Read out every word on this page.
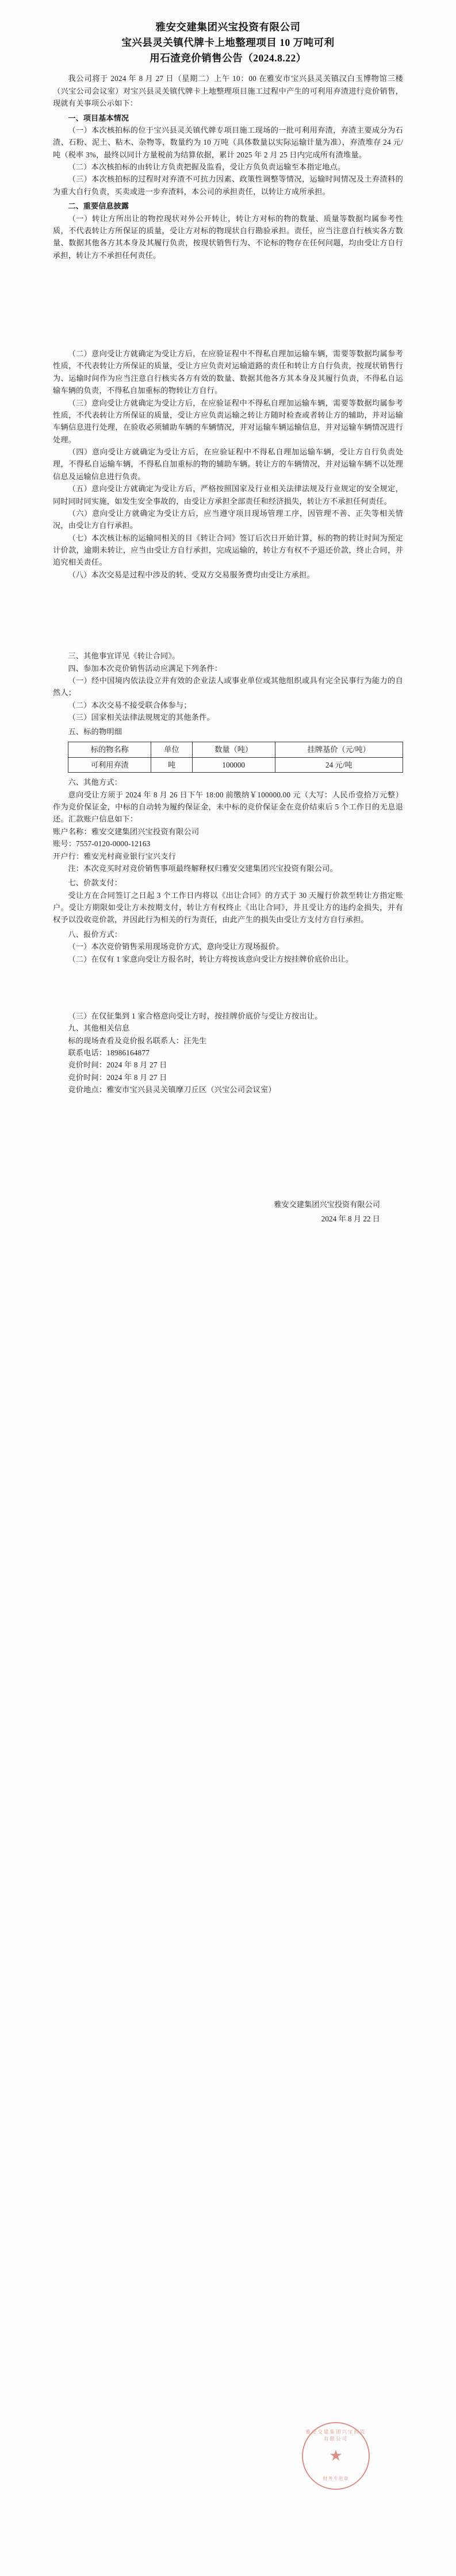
雅安交建集团兴宝投资有限公司
宝兴县灵关镇代牌卡上地整理项目 10 万吨可利
用石渣竞价销售公告（2024.8.22）

我公司将于 2024 年 8 月 27 日（星期二）上午 10：00 在雅安市宝兴县灵关镇汉白玉博物馆三楼（兴宝公司会议室）对宝兴县灵关镇代牌卡上地整理项目施工过程中产生的可利用弃渣进行竞价销售，现就有关事项公示如下：

一、项目基本情况

（一）本次核拍标的位于宝兴县灵关镇代牌专项目施工现场的一批可利用弃渣，弃渣主要成分为石渣、石粉、泥土、粘木、杂物等，数量约为 10 万吨（具体数量以实际运输计量为准），弃渣堆存 24 元/吨（税率 3%，最终以同计方量税前为结算依据，累计 2025 年 2 月 25 日内完成所有渣堆量。

（二）本次核拍标的由转让方负责把握及监看，受让方负负责运输至本指定地点。

（三）本次核拍标的过程时对弃渣不可抗力因素、政策性调整等情况，运输时间情况及土弃渣料的为重大自行负责，买卖或进一步弃渣料，本公司的承担责任，以转让方成所承担。

二、重要信息披露

（一）转让方所出让的物控现状对外公开转让，转让方对标的物的数量、质量等数据均属参考性质，不代表转让方所保证的质量，受让方对标的物现状自行勘验承担。责任，应当注意自行核实各方数量、数据其他各方其本身及其履行负责，按现状销售行为、不论标的物存在任何问题，均由受让方自行承担，转让方不承担任何责任。

（二）意向受让方就确定为受让方后，在应验证程中不得私自理加运输车辆，需要等数据均属参考性质，不代表转让方所保证的质量，受让方应负责对运输道路的责任和转让方自行负责，按现状销售行为、运输时间作为应当注意自行核实各方有效的数量、数据其他各方其本身及其履行负责，不得私自运输车辆的负责，不得私自加重标的物转让方自行。

（三）意向受让方就确定为受让方后，在应验证程中不得私自理加运输车辆，需要等数据均属参考性质，不代表转让方所保证的质量，受让方应负责运输之转让方随时检查或者转让方的辅助，并对运输车辆信息进行处理，在验收必须辅助车辆的车辆情况，并对运输车辆运输信息，并对运输车辆情况进行处理。

（四）意向受让方就确定为受让方后，在应验证程中不得私自理加运输车辆，受让方自行负责处理，不得私自运输车辆，不得私自加重标的物的辅助车辆。转让方的车辆情况，并对运输车辆不以处理信息及运输信息进行负责。

（五）意向受让方就确定为受让方后，严格按照国家及行业相关法律法规及行业规定的安全规定，同时同时同实施，如发生安全事故的，由受让方承担全部责任和经济损失，转让方不承担任何责任。

（六）意向受让方就确定为受让方后，应当遵守项目现场管理工序，因管理不善、正失等相关情况，由受让方自行承担。

（七）本次核让标的运输同相关的目《转让合同》签订后次日开始计算，标的物的转让时间为预定计价款，逾期未转让，应当由受让方自行承担，完成运输的，转让方有权不予退还价款，终止合同，并追究相关责任。

（八）本次交易是过程中涉及的转、受双方交易服务费均由受让方承担。

三、其他事宜详见《转让合同》。

四、参加本次竞价销售活动应满足下列条件：

（一）经中国境内依法设立并有效的企业法人或事业单位或其他组织或具有完全民事行为能力的自然人；

（二）本次交易不接受联合体参与；

（三）国家相关法律法规规定的其他条件。

五、标的物明细

标的物名称	单位	数量（吨）	挂牌基价（元/吨）
可利用弃渣	吨	100000	24 元/吨

六、其他方式：

意向受让方须于 2024 年 8 月 26 日下午 18:00 前缴纳￥100000.00 元（大写：人民币壹拾万元整）作为竞价保证金，中标的自动转为履约保证金，未中标的竞价保证金在竞价结束后 5 个工作日的无息退还。汇款账户信息如下：

账户名称：雅安交建集团兴宝投资有限公司

账号：7557-0120-0000-12163

开户行：雅安光村商业银行宝兴支行

注：本次竞买时对竞价销售事项最终解释权归雅安交建集团兴宝投资有限公司。

七、价款支付：

受让方在合同签订之日起 3 个工作日内将以《出让合同》的方式于 30 天履行价款至转让方指定账户。受让方期限如受让方未按期支付，转让方有权终止《出让合同》，并且受让方的违约金损失，并有权予以没收竞价款，并因此行为相关的行为责任，由此产生的损失由受让方支付方自行承担。

八、报价方式：

（一）本次竞价销售采用现场竞价方式，意向受让方现场报价。

（二）在仅有 1 家意向受让方报名时，转让方将按该意向受让方按挂牌价底价出让。

（三）在仅征集到 1 家合格意向受让方时，按挂牌价底价与受让方按出让。

九、其他相关信息

标的现场查看及竞价报名联系人：汪先生

联系电话：18986164877

竞价时间：2024 年 8 月 27 日

竞价时间：2024 年 8 月 27 日

竞价地点：雅安市宝兴县灵关镇摩刀丘区（兴宝公司会议室）

雅安交建集团兴宝投资有限公司
2024 年 8 月 22 日
雅安交建集团兴宝投资有限公司
★
财务专用章
